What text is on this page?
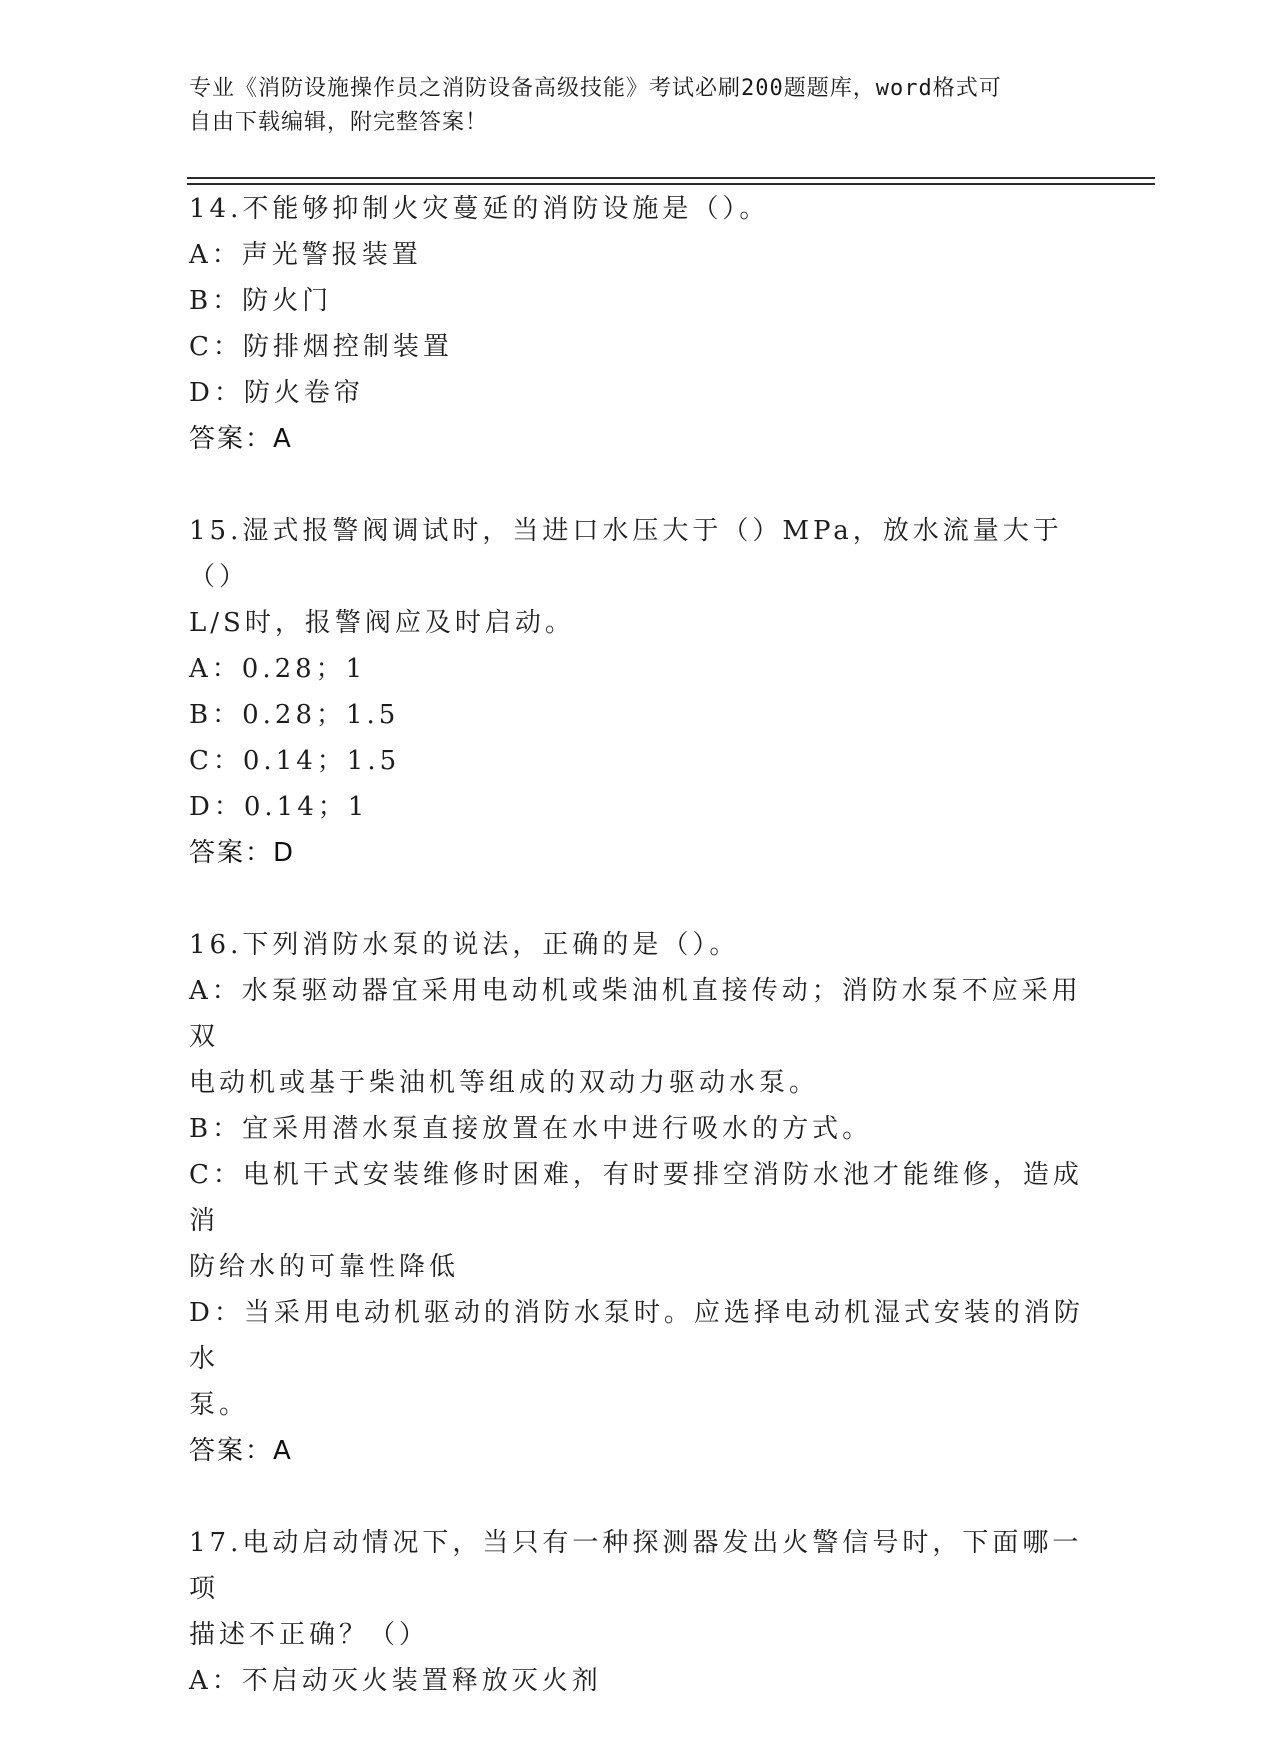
专业《消防设施操作员之消防设备高级技能》考试必刷200题题库，word格式可
自由下载编辑，附完整答案！
14.不能够抑制火灾蔓延的消防设施是（）。
A：声光警报装置
B：防火门
C：防排烟控制装置
D：防火卷帘
答案：A
15.湿式报警阀调试时，当进口水压大于（）MPa，放水流量大于（）
L/S时，报警阀应及时启动。
A：0.28；1
B：0.28；1.5
C：0.14；1.5
D：0.14；1
答案：D
16.下列消防水泵的说法，正确的是（）。
A：水泵驱动器宜采用电动机或柴油机直接传动；消防水泵不应采用双
电动机或基于柴油机等组成的双动力驱动水泵。
B：宜采用潜水泵直接放置在水中进行吸水的方式。
C：电机干式安装维修时困难，有时要排空消防水池才能维修，造成消
防给水的可靠性降低
D：当采用电动机驱动的消防水泵时。应选择电动机湿式安装的消防水
泵。
答案：A
17.电动启动情况下，当只有一种探测器发出火警信号时，下面哪一项
描述不正确？（）
A：不启动灭火装置释放灭火剂
